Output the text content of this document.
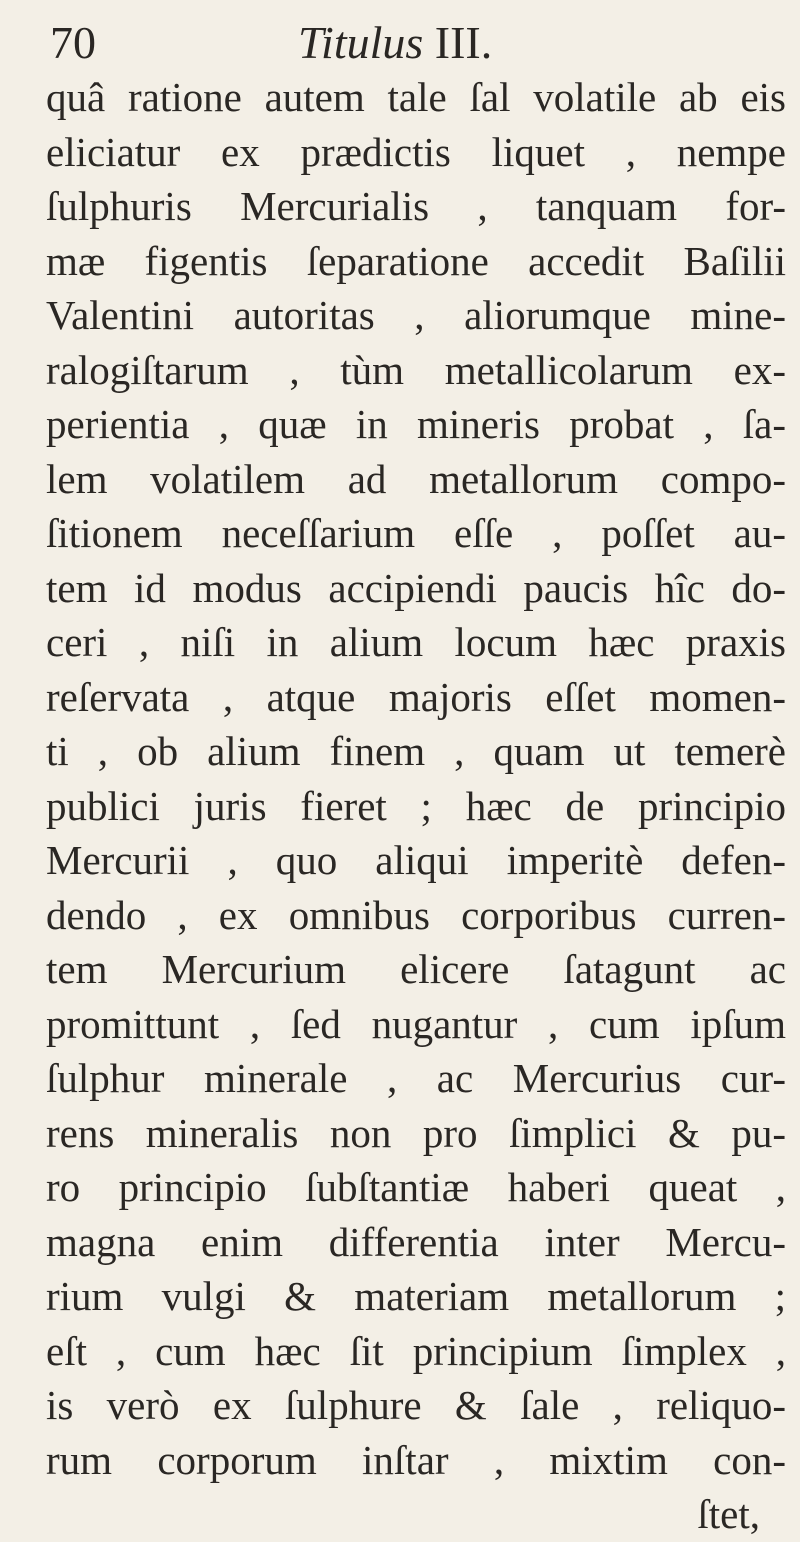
70	Titulus III.
quâ ratione autem tale ſal volatile ab eis
eliciatur ex prædictis liquet , nempe
ſulphuris Mercurialis , tanquam for-
mæ figentis ſeparatione accedit Baſilii
Valentini autoritas , aliorumque mine-
ralogiſtarum , tùm metallicolarum ex-
perientia , quæ in mineris probat , ſa-
lem volatilem ad metallorum compo-
ſitionem neceſſarium eſſe , poſſet au-
tem id modus accipiendi paucis hîc do-
ceri , niſi in alium locum hæc praxis
reſervata , atque majoris eſſet momen-
ti , ob alium finem , quam ut temerè
publici juris fieret ; hæc de principio
Mercurii , quo aliqui imperitè defen-
dendo , ex omnibus corporibus curren-
tem Mercurium elicere ſatagunt ac
promittunt , ſed nugantur , cum ipſum
ſulphur minerale , ac Mercurius cur-
rens mineralis non pro ſimplici & pu-
ro principio ſubſtantiæ haberi queat ,
magna enim differentia inter Mercu-
rium vulgi & materiam metallorum ;
eſt , cum hæc ſit principium ſimplex ,
is verò ex ſulphure & ſale , reliquo-
rum corporum inſtar , mixtim con-
ſtet,
